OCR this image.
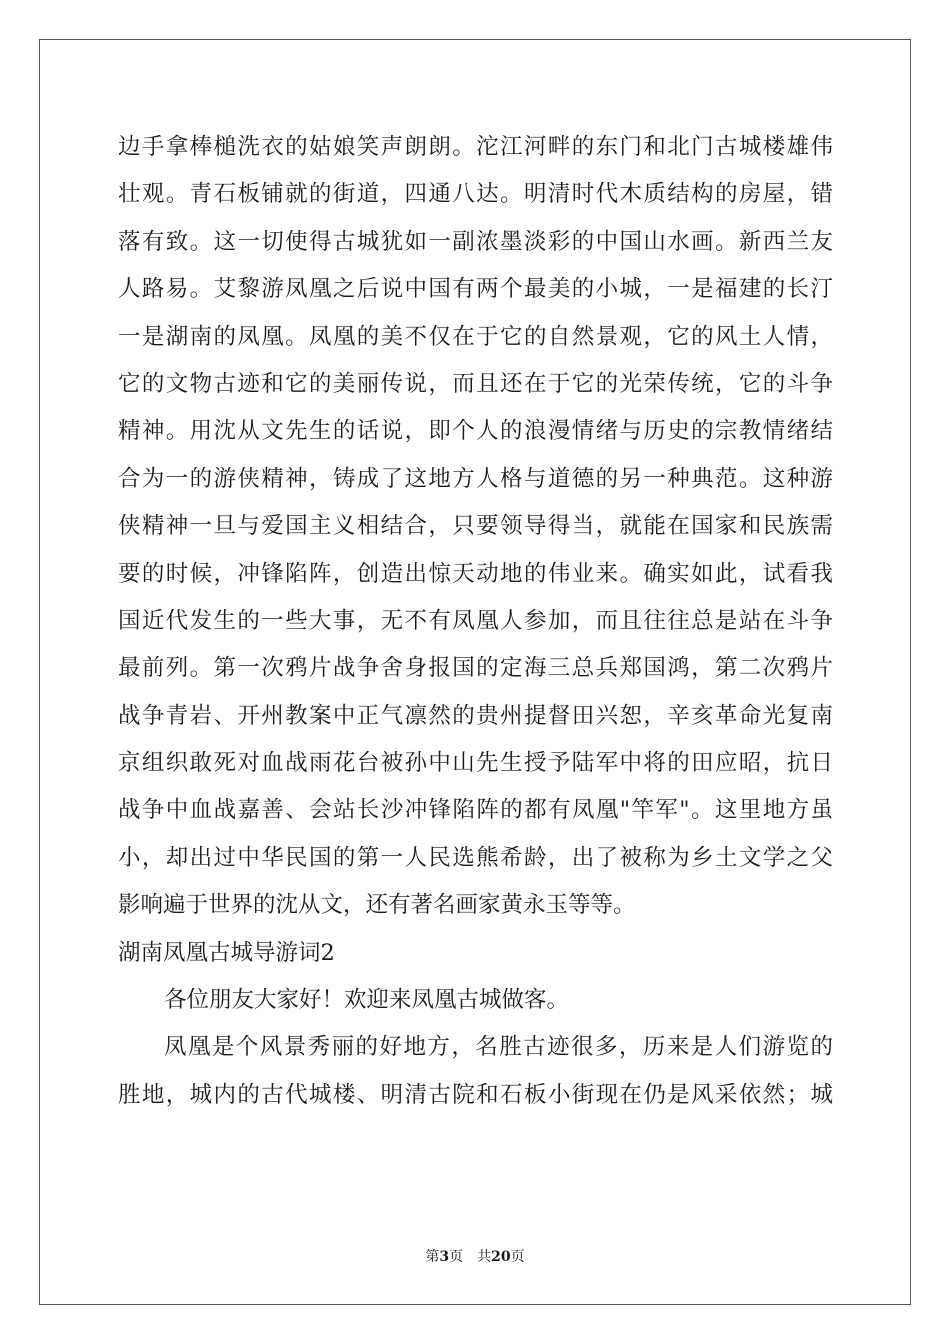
边手拿棒槌洗衣的姑娘笑声朗朗。沱江河畔的东门和北门古城楼雄伟
壮观。青石板铺就的街道，四通八达。明清时代木质结构的房屋，错
落有致。这一切使得古城犹如一副浓墨淡彩的中国山水画。新西兰友
人路易。艾黎游凤凰之后说中国有两个最美的小城，一是福建的长汀
一是湖南的凤凰。凤凰的美不仅在于它的自然景观，它的风土人情，
它的文物古迹和它的美丽传说，而且还在于它的光荣传统，它的斗争
精神。用沈从文先生的话说，即个人的浪漫情绪与历史的宗教情绪结
合为一的游侠精神，铸成了这地方人格与道德的另一种典范。这种游
侠精神一旦与爱国主义相结合，只要领导得当，就能在国家和民族需
要的时候，冲锋陷阵，创造出惊天动地的伟业来。确实如此，试看我
国近代发生的一些大事，无不有凤凰人参加，而且往往总是站在斗争
最前列。第一次鸦片战争舍身报国的定海三总兵郑国鸿，第二次鸦片
战争青岩、开州教案中正气凛然的贵州提督田兴恕，辛亥革命光复南
京组织敢死对血战雨花台被孙中山先生授予陆军中将的田应昭，抗日
战争中血战嘉善、会站长沙冲锋陷阵的都有凤凰"竿军"。这里地方虽
小，却出过中华民国的第一人民选熊希龄，出了被称为乡土文学之父
影响遍于世界的沈从文，还有著名画家黄永玉等等。
湖南凤凰古城导游词2
各位朋友大家好！欢迎来凤凰古城做客。
凤凰是个风景秀丽的好地方，名胜古迹很多，历来是人们游览的
胜地，城内的古代城楼、明清古院和石板小街现在仍是风采依然；城
第3页 共20页
